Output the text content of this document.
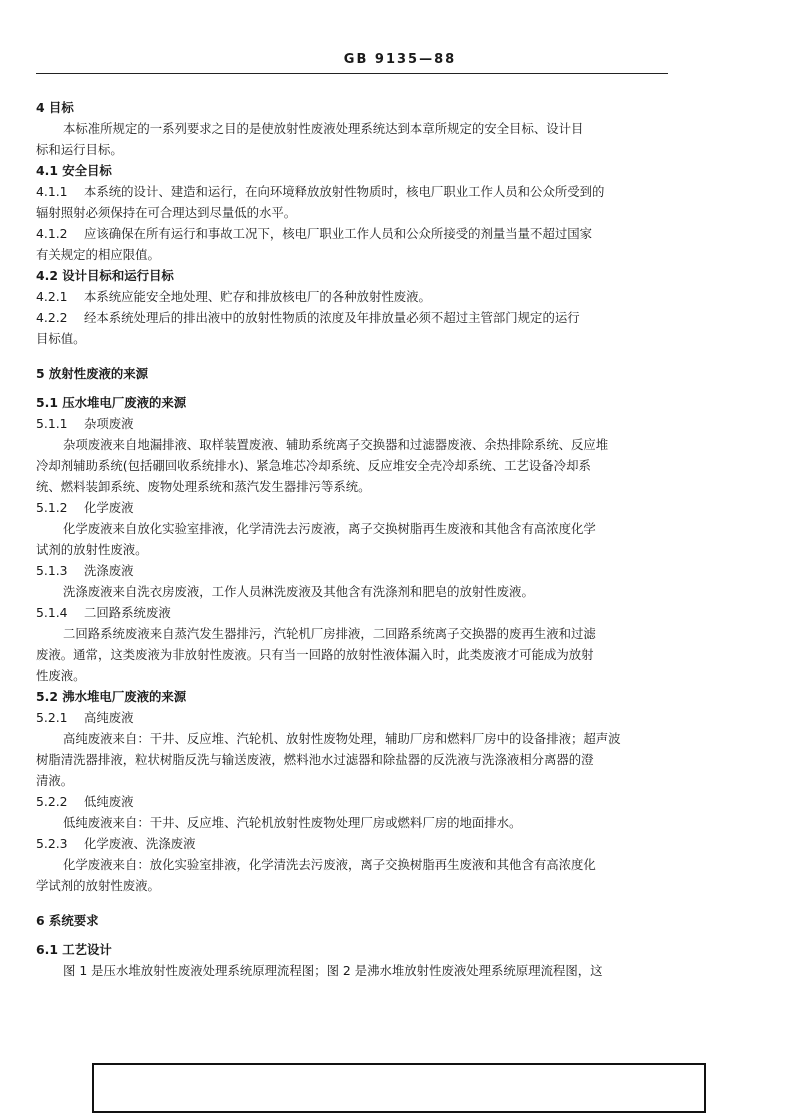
GB 9135—88
4 目标
本标准所规定的一系列要求之目的是使放射性废液处理系统达到本章所规定的安全目标、设计目
标和运行目标。
4.1 安全目标
4.1.1 本系统的设计、建造和运行，在向环境释放放射性物质时，核电厂职业工作人员和公众所受到的
辐射照射必须保持在可合理达到尽量低的水平。
4.1.2 应该确保在所有运行和事故工况下，核电厂职业工作人员和公众所接受的剂量当量不超过国家
有关规定的相应限值。
4.2 设计目标和运行目标
4.2.1 本系统应能安全地处理、贮存和排放核电厂的各种放射性废液。
4.2.2 经本系统处理后的排出液中的放射性物质的浓度及年排放量必须不超过主管部门规定的运行
目标值。
5 放射性废液的来源
5.1 压水堆电厂废液的来源
5.1.1 杂项废液
杂项废液来自地漏排液、取样装置废液、辅助系统离子交换器和过滤器废液、余热排除系统、反应堆
冷却剂辅助系统(包括硼回收系统排水)、紧急堆芯冷却系统、反应堆安全壳冷却系统、工艺设备冷却系
统、燃料装卸系统、废物处理系统和蒸汽发生器排污等系统。
5.1.2 化学废液
化学废液来自放化实验室排液，化学清洗去污废液，离子交换树脂再生废液和其他含有高浓度化学
试剂的放射性废液。
5.1.3 洗涤废液
洗涤废液来自洗衣房废液，工作人员淋洗废液及其他含有洗涤剂和肥皂的放射性废液。
5.1.4 二回路系统废液
二回路系统废液来自蒸汽发生器排污，汽轮机厂房排液，二回路系统离子交换器的废再生液和过滤
废液。通常，这类废液为非放射性废液。只有当一回路的放射性液体漏入时，此类废液才可能成为放射
性废液。
5.2 沸水堆电厂废液的来源
5.2.1 高纯废液
高纯废液来自：干井、反应堆、汽轮机、放射性废物处理，辅助厂房和燃料厂房中的设备排液；超声波
树脂清洗器排液，粒状树脂反洗与输送废液，燃料池水过滤器和除盐器的反洗液与洗涤液相分离器的澄
清液。
5.2.2 低纯废液
低纯废液来自：干井、反应堆、汽轮机放射性废物处理厂房或燃料厂房的地面排水。
5.2.3 化学废液、洗涤废液
化学废液来自：放化实验室排液，化学清洗去污废液，离子交换树脂再生废液和其他含有高浓度化
学试剂的放射性废液。
6 系统要求
6.1 工艺设计
图 1 是压水堆放射性废液处理系统原理流程图；图 2 是沸水堆放射性废液处理系统原理流程图，这
